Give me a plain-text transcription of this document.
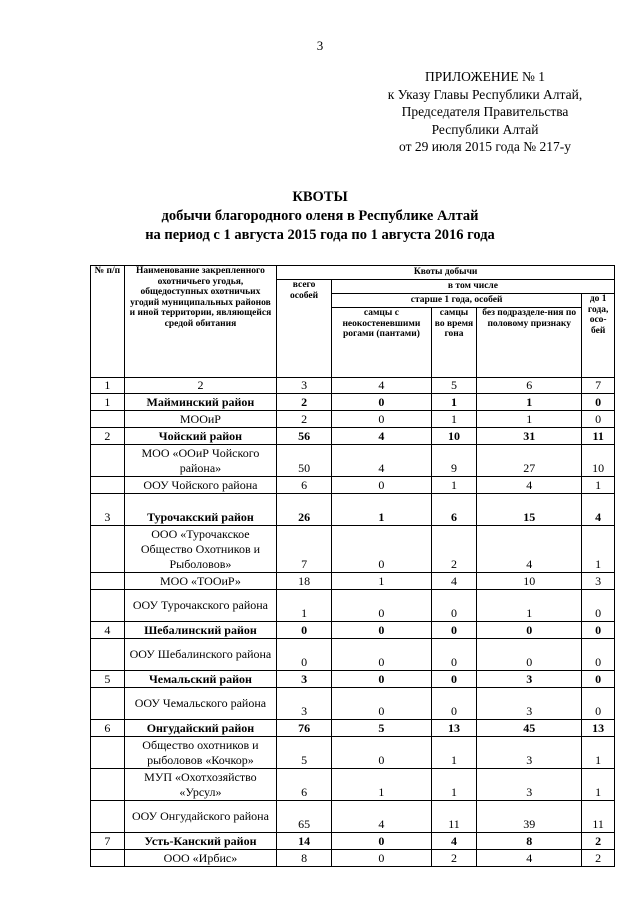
3
ПРИЛОЖЕНИЕ № 1
к Указу Главы Республики Алтай,
Председателя Правительства
Республики Алтай
от 29 июля 2015 года № 217-у
КВОТЫ
добычи благородного оленя в Республике Алтай
на период с 1 августа 2015 года по 1 августа 2016 года
№ п/п	Наименование закрепленного охотничьего угодья, общедоступных охотничьих угодий муниципальных районов и иной территории, являющейся средой обитания	Квоты добычи				
		всего особей	в том числе			
			старше 1 года, особей			до 1 года, осо-бей
			самцы с неокостеневшими рогами (пантами)	самцы во время гона	без подразделе-ния по половому признаку	
1	2	3	4	5	6	7
1	Майминский район	2	0	1	1	0
	МООиР	2	0	1	1	0
2	Чойский район	56	4	10	31	11
	МОО «ООиР Чойского района»	50	4	9	27	10
	ООУ Чойского района	6	0	1	4	1
3	Турочакский район	26	1	6	15	4
	ООО «Турочакское Общество Охотников и Рыболовов»	7	0	2	4	1
	МОО «ТООиР»	18	1	4	10	3
	ООУ Турочакского района	1	0	0	1	0
4	Шебалинский район	0	0	0	0	0
	ООУ Шебалинского района	0	0	0	0	0
5	Чемальский район	3	0	0	3	0
	ООУ Чемальского района	3	0	0	3	0
6	Онгудайский район	76	5	13	45	13
	Общество охотников и рыболовов «Кочкор»	5	0	1	3	1
	МУП «Охотхозяйство «Урсул»	6	1	1	3	1
	ООУ Онгудайского района	65	4	11	39	11
7	Усть-Канский район	14	0	4	8	2
	ООО «Ирбис»	8	0	2	4	2
